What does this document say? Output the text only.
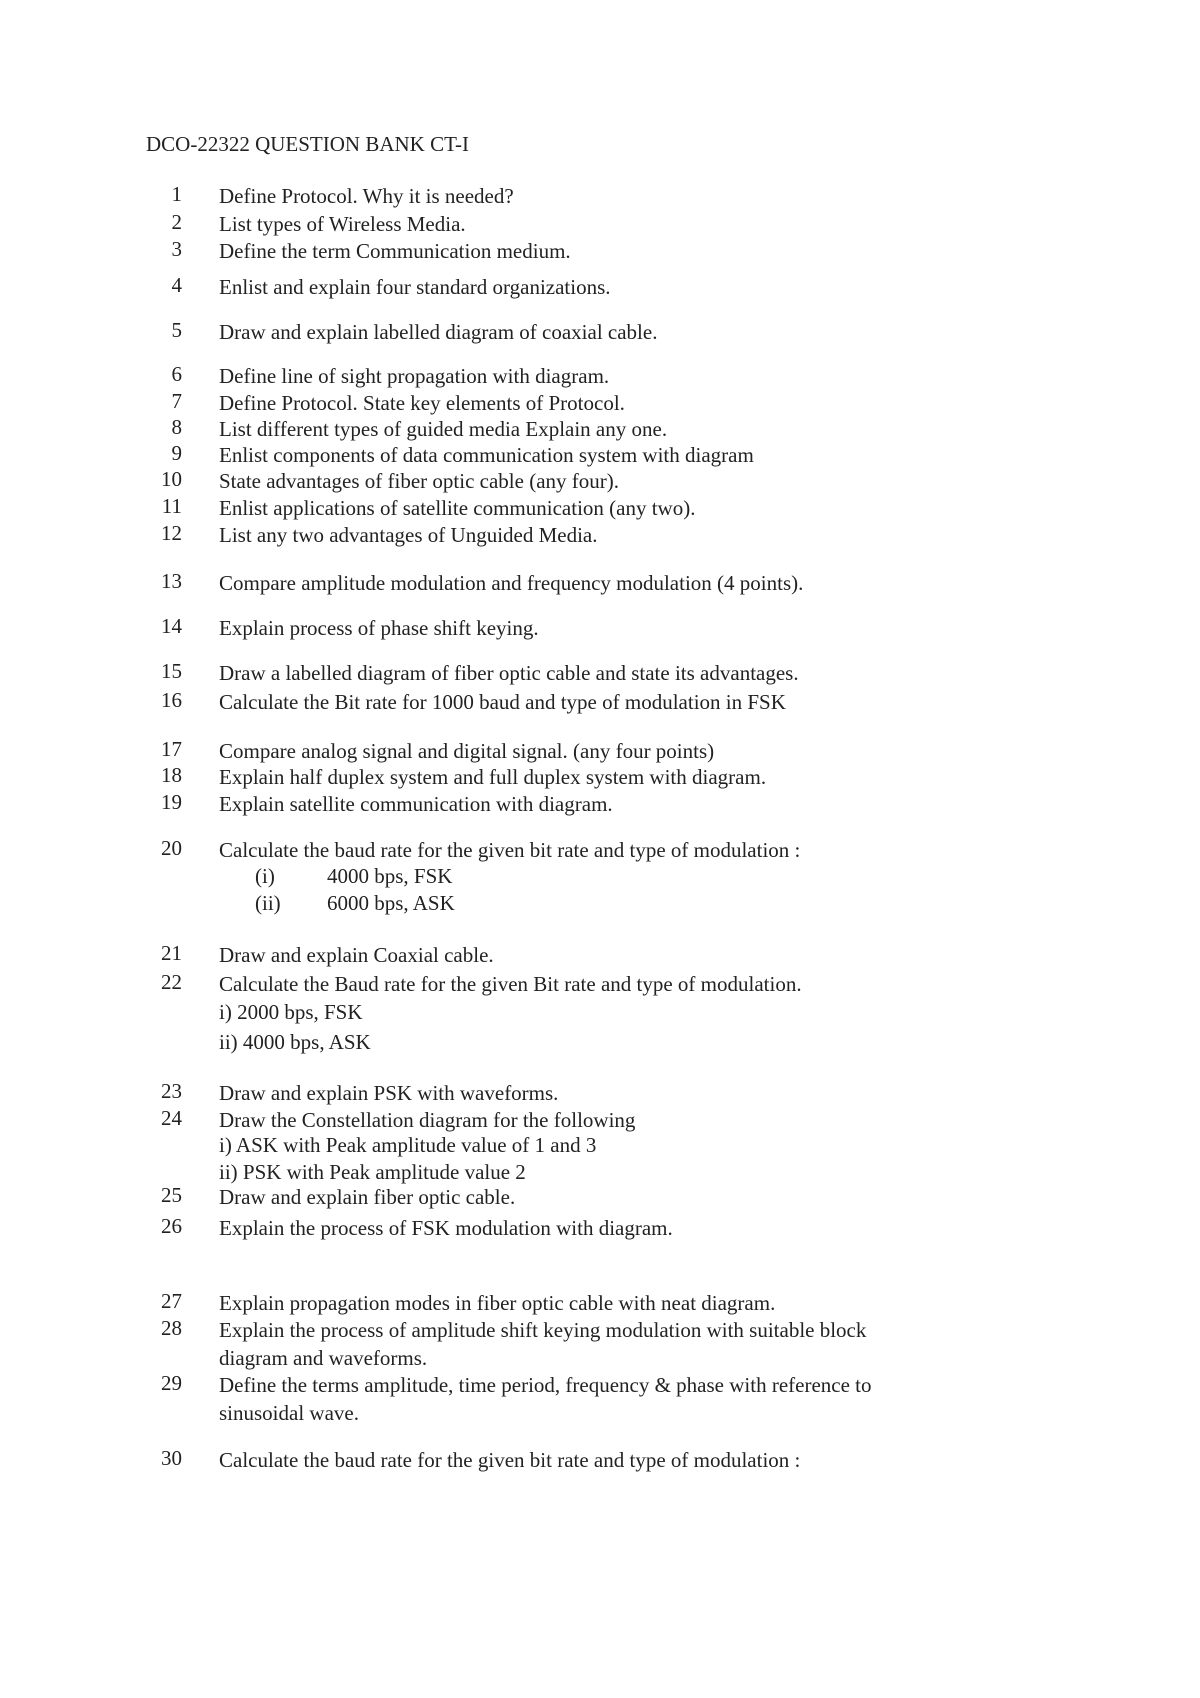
DCO-22322 QUESTION BANK CT-I
1 Define Protocol. Why it is needed?
2 List types of Wireless Media.
3 Define the term Communication medium.
4 Enlist and explain four standard organizations.
5 Draw and explain labelled diagram of coaxial cable.
6 Define line of sight propagation with diagram.
7 Define Protocol. State key elements of Protocol.
8 List different types of guided media Explain any one.
9 Enlist components of data communication system with diagram
10 State advantages of fiber optic cable (any four).
11 Enlist applications of satellite communication (any two).
12 List any two advantages of Unguided Media.
13 Compare amplitude modulation and frequency modulation (4 points).
14 Explain process of phase shift keying.
15 Draw a labelled diagram of fiber optic cable and state its advantages.
16 Calculate the Bit rate for 1000 baud and type of modulation in FSK
17 Compare analog signal and digital signal. (any four points)
18 Explain half duplex system and full duplex system with diagram.
19 Explain satellite communication with diagram.
20 Calculate the baud rate for the given bit rate and type of modulation :
21 Draw and explain Coaxial cable.
22 Calculate the Baud rate for the given Bit rate and type of modulation.
23 Draw and explain PSK with waveforms.
24 Draw the Constellation diagram for the following
25 Draw and explain fiber optic cable.
26 Explain the process of FSK modulation with diagram.
27 Explain propagation modes in fiber optic cable with neat diagram.
28 Explain the process of amplitude shift keying modulation with suitable block
diagram and waveforms.
29 Define the terms amplitude, time period, frequency & phase with reference to
sinusoidal wave.
30 Calculate the baud rate for the given bit rate and type of modulation :
(i) 4000 bps, FSK
(ii) 6000 bps, ASK
i) 2000 bps, FSK
ii) 4000 bps, ASK
i) ASK with Peak amplitude value of 1 and 3
ii) PSK with Peak amplitude value 2
